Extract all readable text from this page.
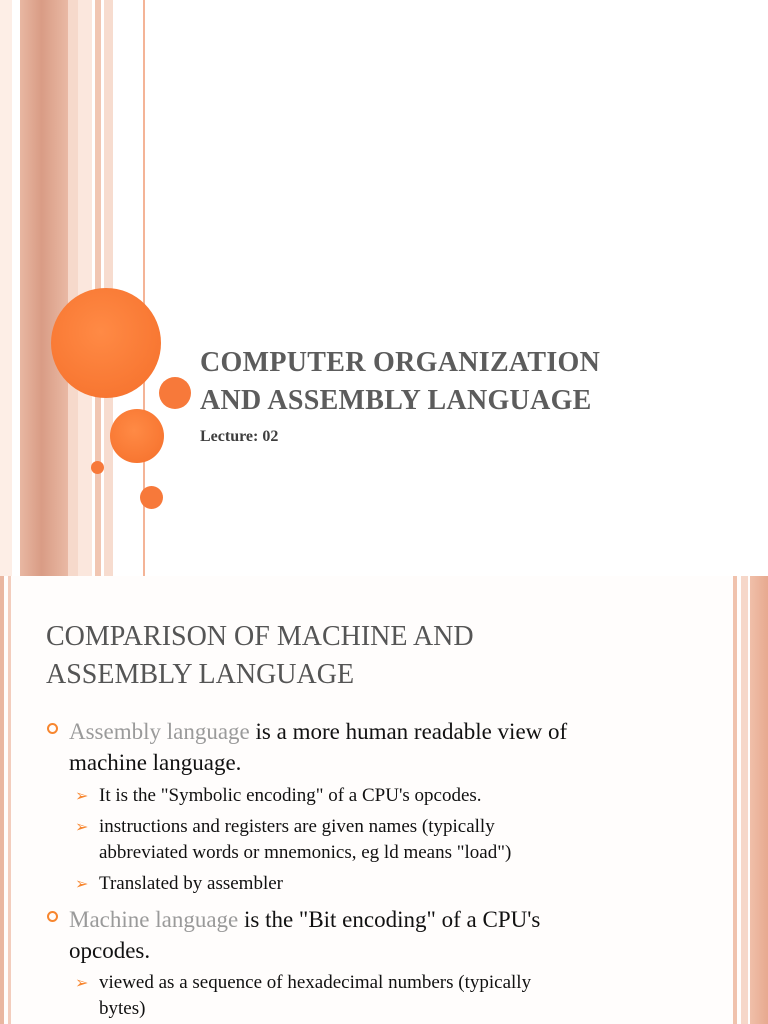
COMPUTER ORGANIZATION
AND ASSEMBLY LANGUAGE
Lecture: 02
COMPARISON OF MACHINE AND
ASSEMBLY LANGUAGE
Assembly language is a more human readable view of
machine language.
➢ It is the "Symbolic encoding" of a CPU's opcodes.
➢ instructions and registers are given names (typically
abbreviated words or mnemonics, eg ld means "load")
➢ Translated by assembler
Machine language is the "Bit encoding" of a CPU's
opcodes.
➢ viewed as a sequence of hexadecimal numbers (typically
bytes)
